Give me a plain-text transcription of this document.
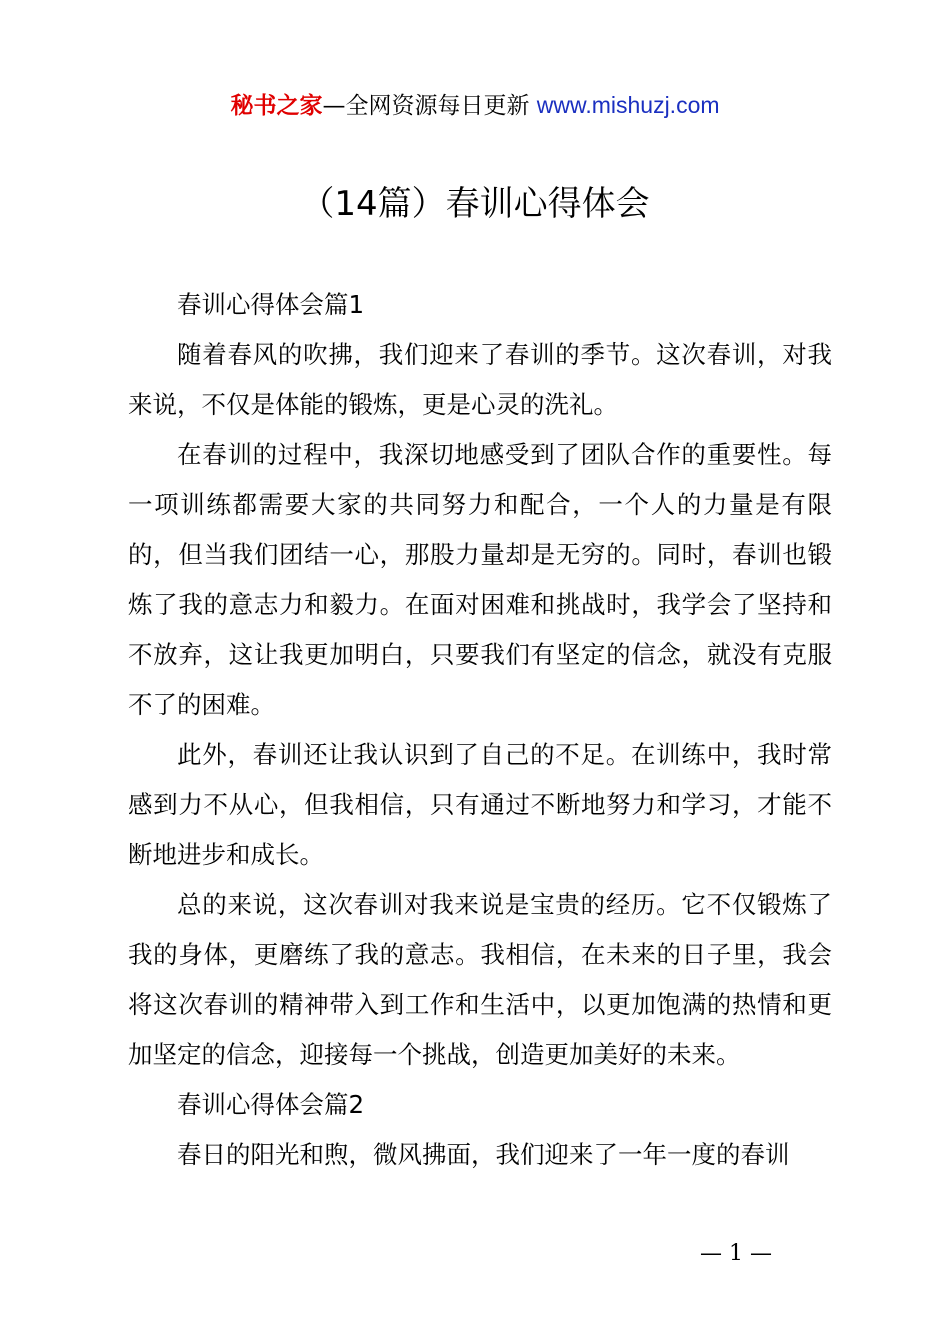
秘书之家—全网资源每日更新 www.mishuzj.com
（14篇）春训心得体会

春训心得体会篇1

随着春风的吹拂，我们迎来了春训的季节。这次春训，对我来说，不仅是体能的锻炼，更是心灵的洗礼。

在春训的过程中，我深切地感受到了团队合作的重要性。每一项训练都需要大家的共同努力和配合，一个人的力量是有限的，但当我们团结一心，那股力量却是无穷的。同时，春训也锻炼了我的意志力和毅力。在面对困难和挑战时，我学会了坚持和不放弃，这让我更加明白，只要我们有坚定的信念，就没有克服不了的困难。

此外，春训还让我认识到了自己的不足。在训练中，我时常感到力不从心，但我相信，只有通过不断地努力和学习，才能不断地进步和成长。

总的来说，这次春训对我来说是宝贵的经历。它不仅锻炼了我的身体，更磨练了我的意志。我相信，在未来的日子里，我会将这次春训的精神带入到工作和生活中，以更加饱满的热情和更加坚定的信念，迎接每一个挑战，创造更加美好的未来。

春训心得体会篇2

春日的阳光和煦，微风拂面，我们迎来了一年一度的春训

— 1 —
